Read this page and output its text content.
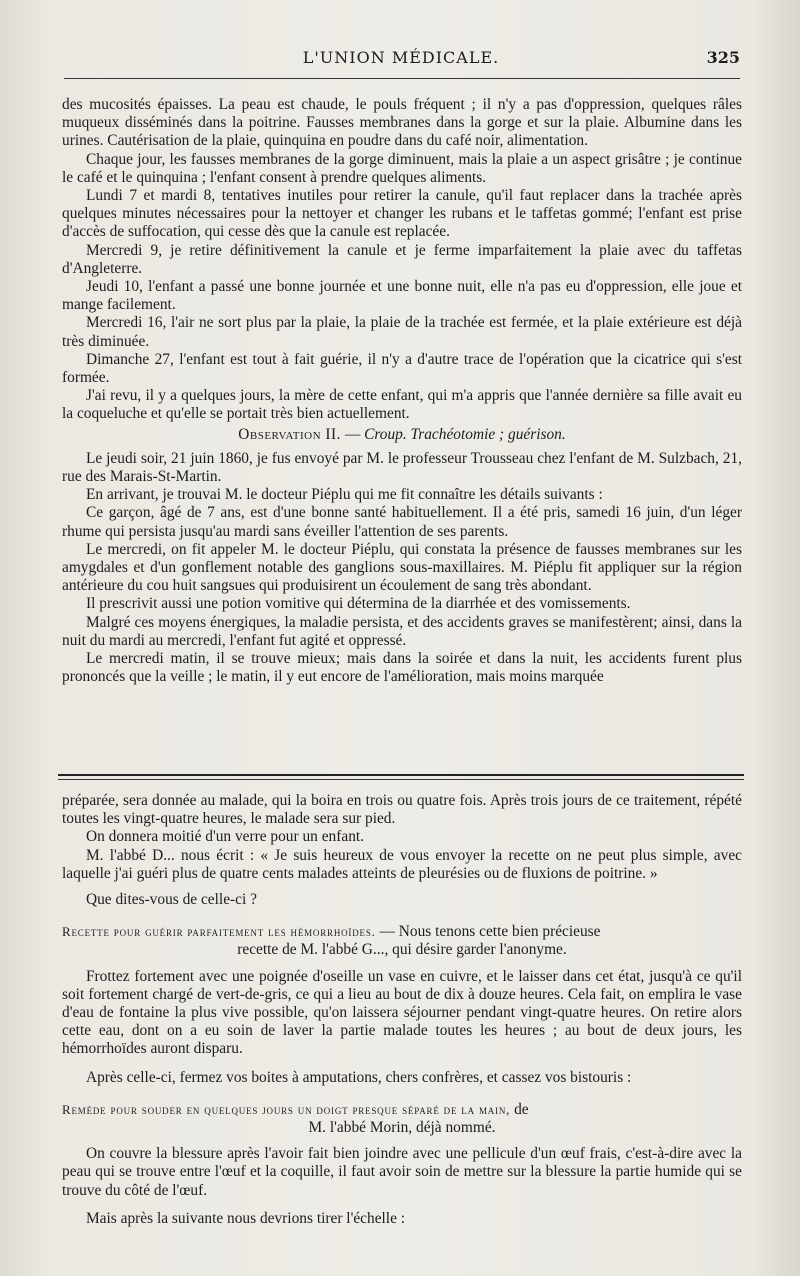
L'UNION MÉDICALE.	325

des mucosités épaisses. La peau est chaude, le pouls fréquent ; il n'y a pas d'oppression, quelques râles muqueux disséminés dans la poitrine. Fausses membranes dans la gorge et sur la plaie. Albumine dans les urines. Cautérisation de la plaie, quinquina en poudre dans du café noir, alimentation.

Chaque jour, les fausses membranes de la gorge diminuent, mais la plaie a un aspect grisâtre ; je continue le café et le quinquina ; l'enfant consent à prendre quelques aliments.

Lundi 7 et mardi 8, tentatives inutiles pour retirer la canule, qu'il faut replacer dans la trachée après quelques minutes nécessaires pour la nettoyer et changer les rubans et le taffetas gommé; l'enfant est prise d'accès de suffocation, qui cesse dès que la canule est replacée.

Mercredi 9, je retire définitivement la canule et je ferme imparfaitement la plaie avec du taffetas d'Angleterre.

Jeudi 10, l'enfant a passé une bonne journée et une bonne nuit, elle n'a pas eu d'oppression, elle joue et mange facilement.

Mercredi 16, l'air ne sort plus par la plaie, la plaie de la trachée est fermée, et la plaie extérieure est déjà très diminuée.

Dimanche 27, l'enfant est tout à fait guérie, il n'y a d'autre trace de l'opération que la cicatrice qui s'est formée.

J'ai revu, il y a quelques jours, la mère de cette enfant, qui m'a appris que l'année dernière sa fille avait eu la coqueluche et qu'elle se portait très bien actuellement.

Observation II. — Croup. Trachéotomie ; guérison.

Le jeudi soir, 21 juin 1860, je fus envoyé par M. le professeur Trousseau chez l'enfant de M. Sulzbach, 21, rue des Marais-St-Martin.

En arrivant, je trouvai M. le docteur Piéplu qui me fit connaître les détails suivants :

Ce garçon, âgé de 7 ans, est d'une bonne santé habituellement. Il a été pris, samedi 16 juin, d'un léger rhume qui persista jusqu'au mardi sans éveiller l'attention de ses parents.

Le mercredi, on fit appeler M. le docteur Piéplu, qui constata la présence de fausses membranes sur les amygdales et d'un gonflement notable des ganglions sous-maxillaires. M. Piéplu fit appliquer sur la région antérieure du cou huit sangsues qui produisirent un écoulement de sang très abondant.

Il prescrivit aussi une potion vomitive qui détermina de la diarrhée et des vomissements.

Malgré ces moyens énergiques, la maladie persista, et des accidents graves se manifestèrent; ainsi, dans la nuit du mardi au mercredi, l'enfant fut agité et oppressé.

Le mercredi matin, il se trouve mieux; mais dans la soirée et dans la nuit, les accidents furent plus prononcés que la veille ; le matin, il y eut encore de l'amélioration, mais moins marquée

préparée, sera donnée au malade, qui la boira en trois ou quatre fois. Après trois jours de ce traitement, répété toutes les vingt-quatre heures, le malade sera sur pied.

On donnera moitié d'un verre pour un enfant.

M. l'abbé D... nous écrit : « Je suis heureux de vous envoyer la recette on ne peut plus simple, avec laquelle j'ai guéri plus de quatre cents malades atteints de pleurésies ou de fluxions de poitrine. »

Que dites-vous de celle-ci ?

Recette pour guérir parfaitement les hémorrhoïdes. — Nous tenons cette bien précieuse

recette de M. l'abbé G..., qui désire garder l'anonyme.

Frottez fortement avec une poignée d'oseille un vase en cuivre, et le laisser dans cet état, jusqu'à ce qu'il soit fortement chargé de vert-de-gris, ce qui a lieu au bout de dix à douze heures. Cela fait, on emplira le vase d'eau de fontaine la plus vive possible, qu'on laissera séjourner pendant vingt-quatre heures. On retire alors cette eau, dont on a eu soin de laver la partie malade toutes les heures ; au bout de deux jours, les hémorrhoïdes auront disparu.

Après celle-ci, fermez vos boites à amputations, chers confrères, et cassez vos bistouris :

Remède pour souder en quelques jours un doigt presque séparé de la main, de

M. l'abbé Morin, déjà nommé.

On couvre la blessure après l'avoir fait bien joindre avec une pellicule d'un œuf frais, c'est-à-dire avec la peau qui se trouve entre l'œuf et la coquille, il faut avoir soin de mettre sur la blessure la partie humide qui se trouve du côté de l'œuf.

Mais après la suivante nous devrions tirer l'échelle :
